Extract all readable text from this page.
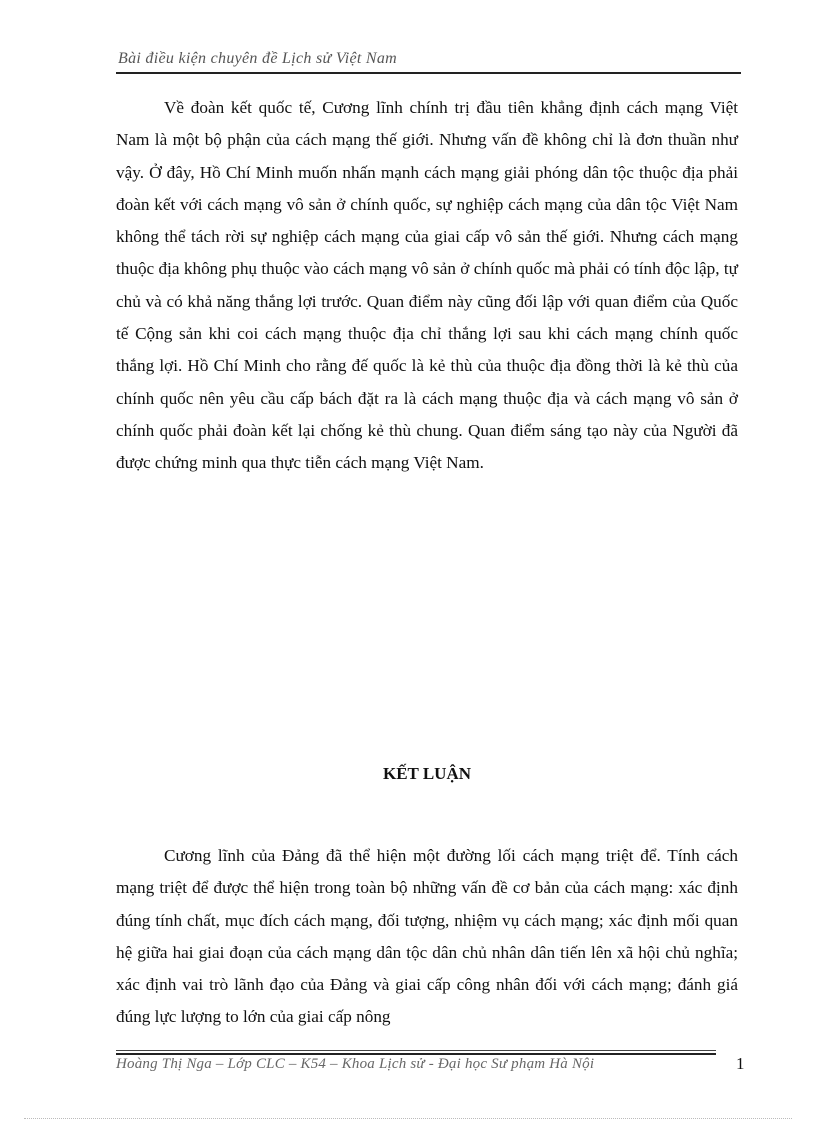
Bài điều kiện chuyên đề Lịch sử Việt Nam

Về đoàn kết quốc tế, Cương lĩnh chính trị đầu tiên khẳng định cách mạng Việt Nam là một bộ phận của cách mạng thế giới. Nhưng vấn đề không chỉ là đơn thuần như vậy. Ở đây, Hồ Chí Minh muốn nhấn mạnh cách mạng giải phóng dân tộc thuộc địa phải đoàn kết với cách mạng vô sản ở chính quốc, sự nghiệp cách mạng của dân tộc Việt Nam không thể tách rời sự nghiệp cách mạng của giai cấp vô sản thế giới. Nhưng cách mạng thuộc địa không phụ thuộc vào cách mạng vô sản ở chính quốc mà phải có tính độc lập, tự chủ và có khả năng thắng lợi trước. Quan điểm này cũng đối lập với quan điểm của Quốc tế Cộng sản khi coi cách mạng thuộc địa chỉ thắng lợi sau khi cách mạng chính quốc thắng lợi. Hồ Chí Minh cho rằng đế quốc là kẻ thù của thuộc địa đồng thời là kẻ thù của chính quốc nên yêu cầu cấp bách đặt ra là cách mạng thuộc địa và cách mạng vô sản ở chính quốc phải đoàn kết lại chống kẻ thù chung. Quan điểm sáng tạo này của Người đã được chứng minh qua thực tiễn cách mạng Việt Nam.

KẾT LUẬN

Cương lĩnh của Đảng đã thể hiện một đường lối cách mạng triệt để. Tính cách mạng triệt để được thể hiện trong toàn bộ những vấn đề cơ bản của cách mạng: xác định đúng tính chất, mục đích cách mạng, đối tượng, nhiệm vụ cách mạng; xác định mối quan hệ giữa hai giai đoạn của cách mạng dân tộc dân chủ nhân dân tiến lên xã hội chủ nghĩa; xác định vai trò lãnh đạo của Đảng và giai cấp công nhân đối với cách mạng; đánh giá đúng lực lượng to lớn của giai cấp nông

Hoàng Thị Nga – Lớp CLC – K54 – Khoa Lịch sử - Đại học Sư phạm Hà Nội	1
